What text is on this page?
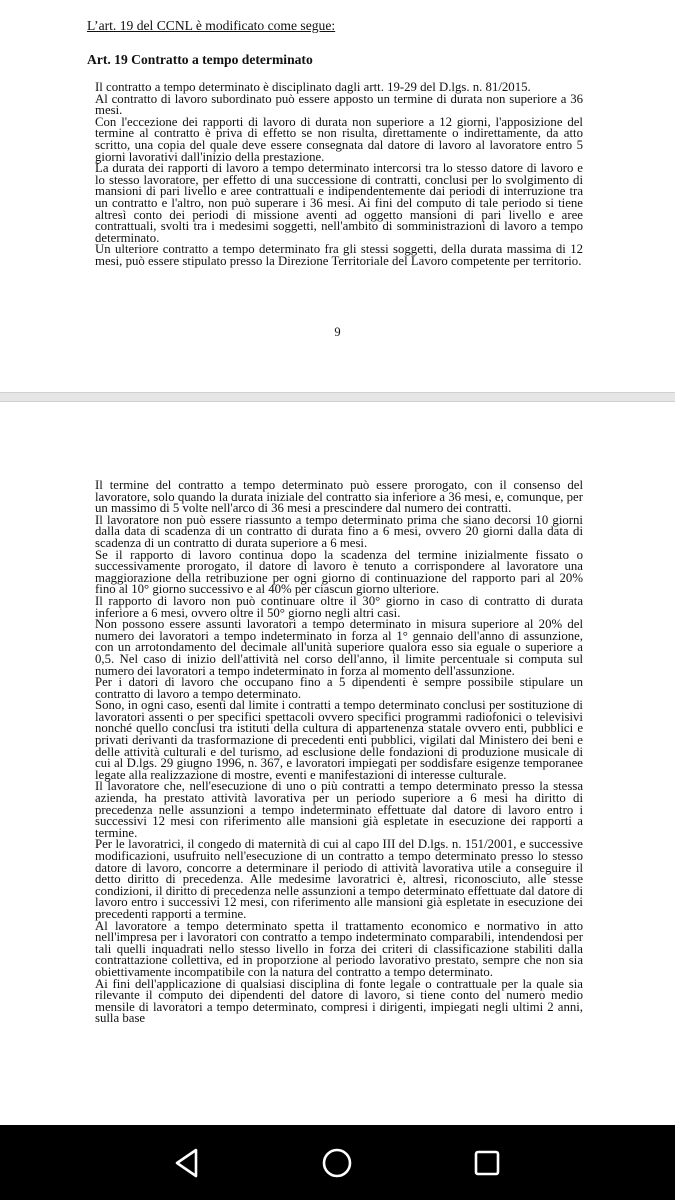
L’art. 19 del CCNL è modificato come segue:
Art. 19 Contratto a tempo determinato

Il contratto a tempo determinato è disciplinato dagli artt. 19-29 del D.lgs. n. 81/2015.

Al contratto di lavoro subordinato può essere apposto un termine di durata non superiore a 36 mesi.

Con l'eccezione dei rapporti di lavoro di durata non superiore a 12 giorni, l'apposizione del termine al contratto è priva di effetto se non risulta, direttamente o indirettamente, da atto scritto, una copia del quale deve essere consegnata dal datore di lavoro al lavoratore entro 5 giorni lavorativi dall'inizio della prestazione.

La durata dei rapporti di lavoro a tempo determinato intercorsi tra lo stesso datore di lavoro e lo stesso lavoratore, per effetto di una successione di contratti, conclusi per lo svolgimento di mansioni di pari livello e aree contrattuali e indipendentemente dai periodi di interruzione tra un contratto e l'altro, non può superare i 36 mesi. Ai fini del computo di tale periodo si tiene altresì conto dei periodi di missione aventi ad oggetto mansioni di pari livello e aree contrattuali, svolti tra i medesimi soggetti, nell'ambito di somministrazioni di lavoro a tempo determinato.

Un ulteriore contratto a tempo determinato fra gli stessi soggetti, della durata massima di 12 mesi, può essere stipulato presso la Direzione Territoriale del Lavoro competente per territorio.

9

Il termine del contratto a tempo determinato può essere prorogato, con il consenso del lavoratore, solo quando la durata iniziale del contratto sia inferiore a 36 mesi, e, comunque, per un massimo di 5 volte nell'arco di 36 mesi a prescindere dal numero dei contratti.

Il lavoratore non può essere riassunto a tempo determinato prima che siano decorsi 10 giorni dalla data di scadenza di un contratto di durata fino a 6 mesi, ovvero 20 giorni dalla data di scadenza di un contratto di durata superiore a 6 mesi.

Se il rapporto di lavoro continua dopo la scadenza del termine inizialmente fissato o successivamente prorogato, il datore di lavoro è tenuto a corrispondere al lavoratore una maggiorazione della retribuzione per ogni giorno di continuazione del rapporto pari al 20% fino al 10° giorno successivo e al 40% per ciascun giorno ulteriore.

Il rapporto di lavoro non può continuare oltre il 30° giorno in caso di contratto di durata inferiore a 6 mesi, ovvero oltre il 50° giorno negli altri casi.

Non possono essere assunti lavoratori a tempo determinato in misura superiore al 20% del numero dei lavoratori a tempo indeterminato in forza al 1° gennaio dell'anno di assunzione, con un arrotondamento del decimale all'unità superiore qualora esso sia eguale o superiore a 0,5. Nel caso di inizio dell'attività nel corso dell'anno, il limite percentuale si computa sul numero dei lavoratori a tempo indeterminato in forza al momento dell'assunzione.

Per i datori di lavoro che occupano fino a 5 dipendenti è sempre possibile stipulare un contratto di lavoro a tempo determinato.

Sono, in ogni caso, esenti dal limite i contratti a tempo determinato conclusi per sostituzione di lavoratori assenti o per specifici spettacoli ovvero specifici programmi radiofonici o televisivi nonché quello conclusi tra istituti della cultura di appartenenza statale ovvero enti, pubblici e privati derivanti da trasformazione di precedenti enti pubblici, vigilati dal Ministero dei beni e delle attività culturali e del turismo, ad esclusione delle fondazioni di produzione musicale di cui al D.lgs. 29 giugno 1996, n. 367, e lavoratori impiegati per soddisfare esigenze temporanee legate alla realizzazione di mostre, eventi e manifestazioni di interesse culturale.

Il lavoratore che, nell'esecuzione di uno o più contratti a tempo determinato presso la stessa azienda, ha prestato attività lavorativa per un periodo superiore a 6 mesi ha diritto di precedenza nelle assunzioni a tempo indeterminato effettuate dal datore di lavoro entro i successivi 12 mesi con riferimento alle mansioni già espletate in esecuzione dei rapporti a termine.

Per le lavoratrici, il congedo di maternità di cui al capo III del D.lgs. n. 151/2001, e successive modificazioni, usufruito nell'esecuzione di un contratto a tempo determinato presso lo stesso datore di lavoro, concorre a determinare il periodo di attività lavorativa utile a conseguire il detto diritto di precedenza. Alle medesime lavoratrici è, altresì, riconosciuto, alle stesse condizioni, il diritto di precedenza nelle assunzioni a tempo determinato effettuate dal datore di lavoro entro i successivi 12 mesi, con riferimento alle mansioni già espletate in esecuzione dei precedenti rapporti a termine.

Al lavoratore a tempo determinato spetta il trattamento economico e normativo in atto nell'impresa per i lavoratori con contratto a tempo indeterminato comparabili, intendendosi per tali quelli inquadrati nello stesso livello in forza dei criteri di classificazione stabiliti dalla contrattazione collettiva, ed in proporzione al periodo lavorativo prestato, sempre che non sia obiettivamente incompatibile con la natura del contratto a tempo determinato.

Ai fini dell'applicazione di qualsiasi disciplina di fonte legale o contrattuale per la quale sia rilevante il computo dei dipendenti del datore di lavoro, si tiene conto del numero medio mensile di lavoratori a tempo determinato, compresi i dirigenti, impiegati negli ultimi 2 anni, sulla base
